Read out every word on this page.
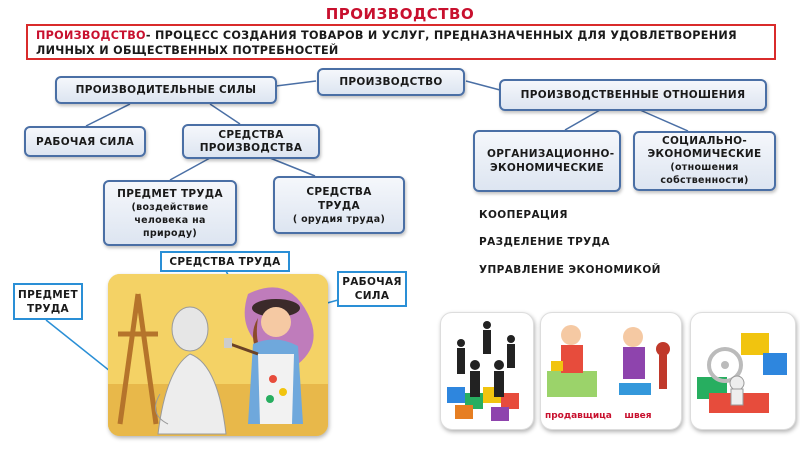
ПРОИЗВОДСТВО
ПРОИЗВОДСТВО- ПРОЦЕСС СОЗДАНИЯ ТОВАРОВ И УСЛУГ, ПРЕДНАЗНАЧЕННЫХ ДЛЯ УДОВЛЕТВОРЕНИЯ ЛИЧНЫХ И ОБЩЕСТВЕННЫХ ПОТРЕБНОСТЕЙ
ПРОИЗВОДСТВО
ПРОИЗВОДИТЕЛЬНЫЕ СИЛЫ	ПРОИЗВОДСТВЕННЫЕ ОТНОШЕНИЯ
РАБОЧАЯ СИЛА
СРЕДСТВА ПРОИЗВОДСТВА
ПРЕДМЕТ ТРУДА
(воздействие человека на природу)
СРЕДСТВА ТРУДА
( орудия труда)
ОРГАНИЗАЦИОННО-ЭКОНОМИЧЕСКИЕ
СОЦИАЛЬНО-ЭКОНОМИЧЕСКИЕ
(отношения собственности)
КООПЕРАЦИЯ
РАЗДЕЛЕНИЕ ТРУДА
УПРАВЛЕНИЕ ЭКОНОМИКОЙ
СРЕДСТВА ТРУДА
ПРЕДМЕТ ТРУДА
РАБОЧАЯ СИЛА
продавщица	швея
